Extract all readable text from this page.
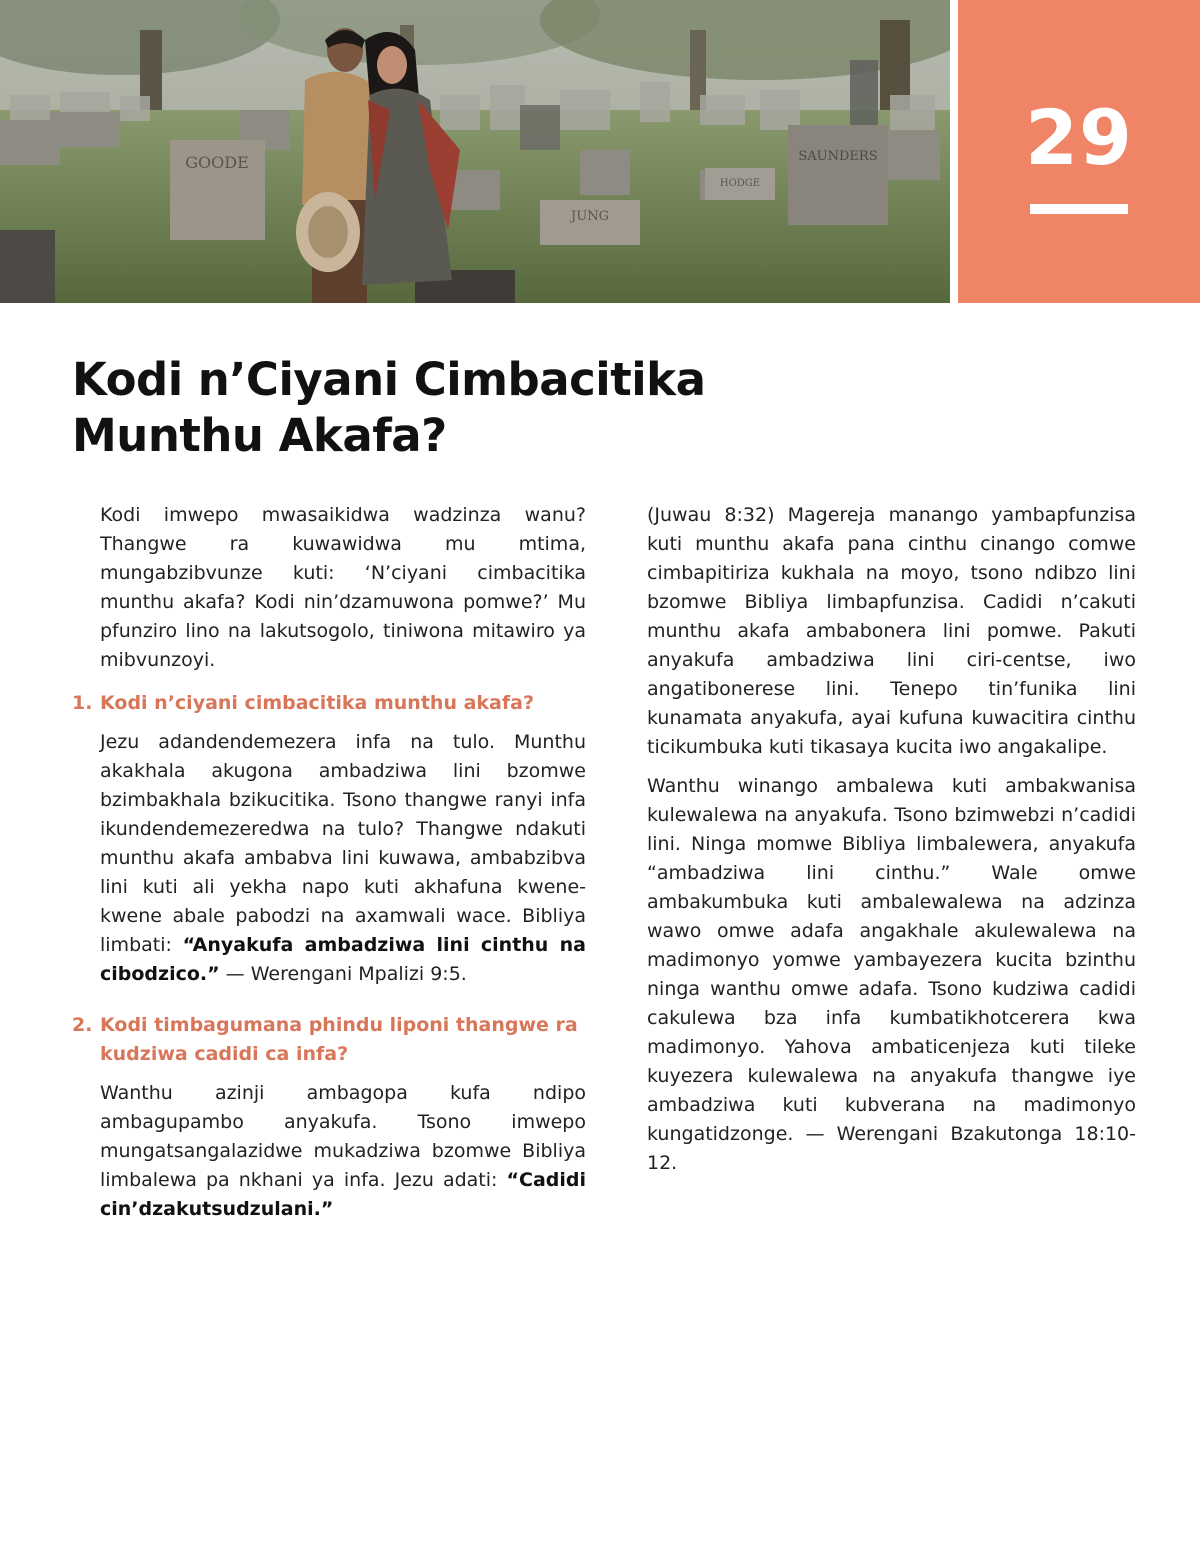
GOODE	SAUNDERS
JUNG
HODGE
29
Kodi n’Ciyani Cimbacitika
Munthu Akafa?

Kodi imwepo mwasaikidwa wadzinza wanu? Thangwe ra kuwawidwa mu mtima, mungabzibvunze kuti: ‘N’ciyani cimbacitika munthu akafa? Kodi nin’dzamuwona pomwe?’ Mu pfunziro lino na lakutsogolo, tiniwona mitawiro ya mibvunzoyi.

1. Kodi n’ciyani cimbacitika munthu akafa?

Jezu adandendemezera infa na tulo. Munthu akakhala akugona ambadziwa lini bzomwe bzimbakhala bzikucitika. Tsono thangwe ranyi infa ikundendemezeredwa na tulo? Thangwe ndakuti munthu akafa ambabva lini kuwawa, ambabzibva lini kuti ali yekha napo kuti akhafuna kwene-kwene abale pabodzi na axamwali wace. Bibliya limbati: “Anyakufa ambadziwa lini cinthu na cibodzico.” — Werengani Mpalizi 9:5.

2. Kodi timbagumana phindu liponi thangwe ra kudziwa cadidi ca infa?

Wanthu azinji ambagopa kufa ndipo ambagupambo anyakufa. Tsono imwepo mungatsangalazidwe mukadziwa bzomwe Bibliya limbalewa pa nkhani ya infa. Jezu adati: “Cadidi cin’dzakutsudzulani.”

(Juwau 8:32) Magereja manango yambapfunzisa kuti munthu akafa pana cinthu cinango comwe cimbapitiriza kukhala na moyo, tsono ndibzo lini bzomwe Bibliya limbapfunzisa. Cadidi n’cakuti munthu akafa ambabonera lini pomwe. Pakuti anyakufa ambadziwa lini ciri-centse, iwo angatibonerese lini. Tenepo tin’funika lini kunamata anyakufa, ayai kufuna kuwacitira cinthu ticikumbuka kuti tikasaya kucita iwo angakalipe.

Wanthu winango ambalewa kuti ambakwanisa kulewalewa na anyakufa. Tsono bzimwebzi n’cadidi lini. Ninga momwe Bibliya limbalewera, anyakufa “ambadziwa lini cinthu.” Wale omwe ambakumbuka kuti ambalewalewa na adzinza wawo omwe adafa angakhale akulewalewa na madimonyo yomwe yambayezera kucita bzinthu ninga wanthu omwe adafa. Tsono kudziwa cadidi cakulewa bza infa kumbatikhotcerera kwa madimonyo. Yahova ambaticenjeza kuti tileke kuyezera kulewalewa na anyakufa thangwe iye ambadziwa kuti kubverana na madimonyo kungatidzonge. — Werengani Bzakutonga 18:10-12.
